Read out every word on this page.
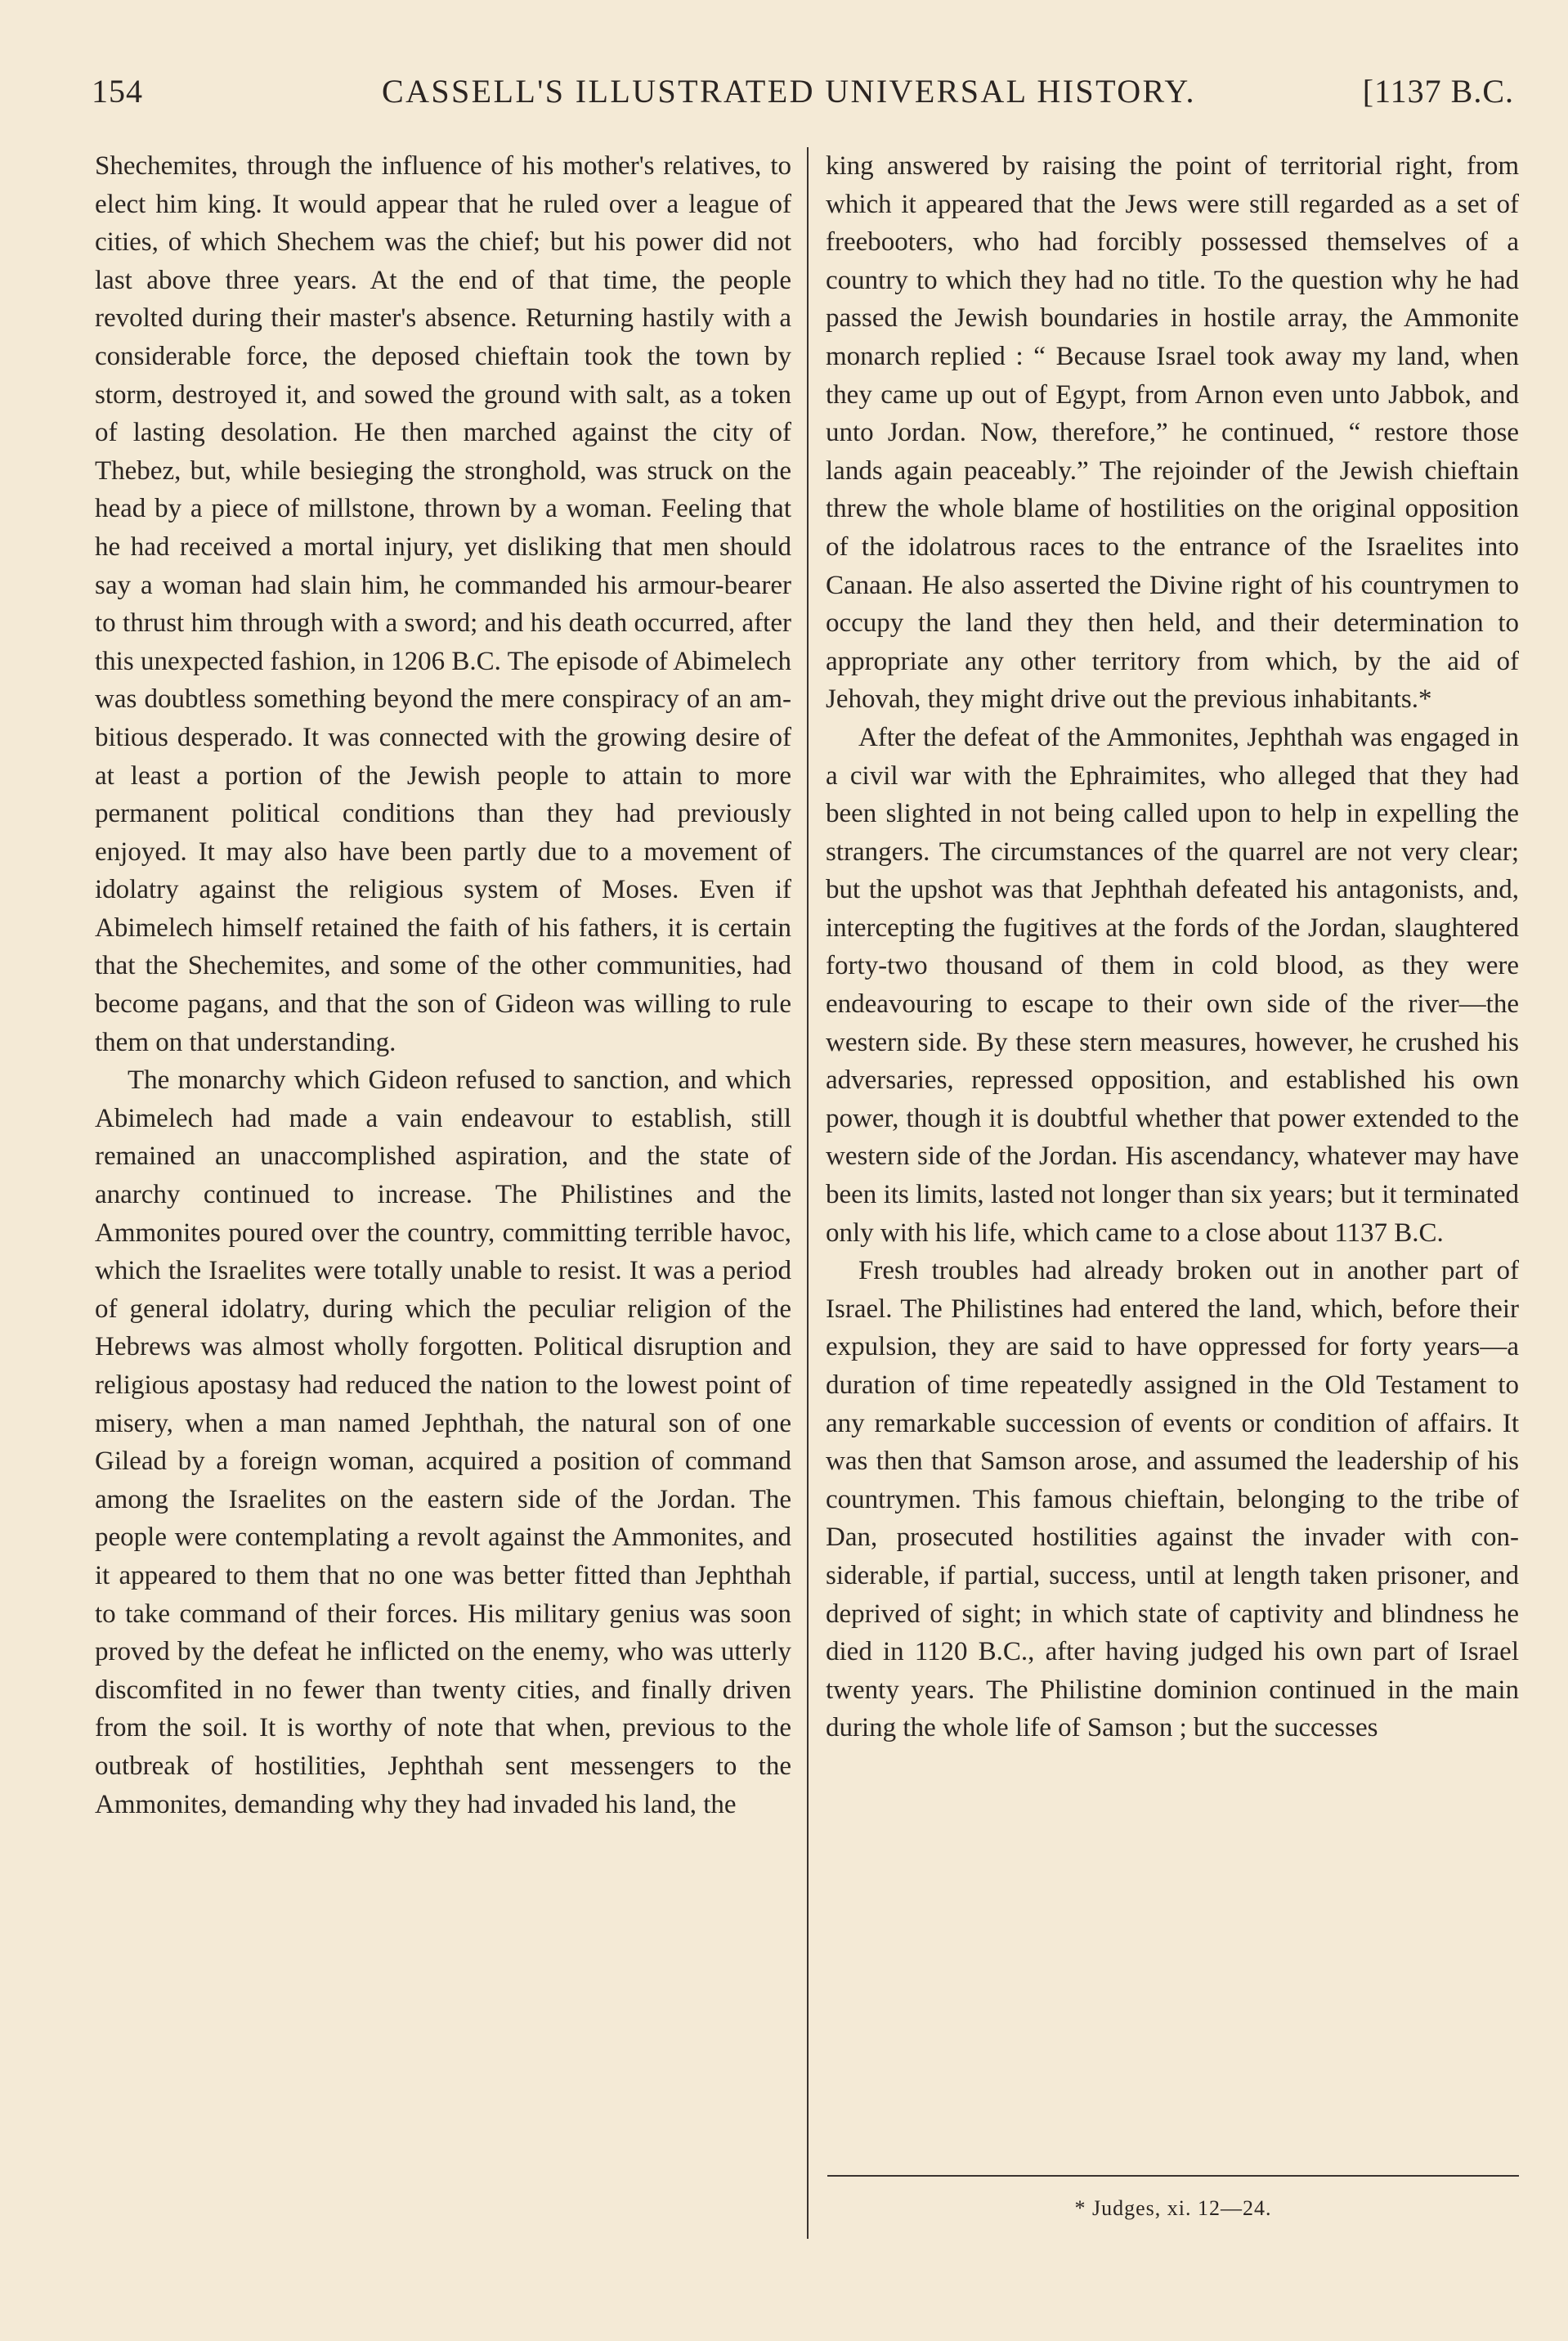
154	CASSELL'S ILLUSTRATED UNIVERSAL HISTORY.	[1137 B.C.

Shechemites, through the influence of his mother's relatives, to elect him king. It would appear that he ruled over a league of cities, of which Shechem was the chief; but his power did not last above three years. At the end of that time, the people revolted during their master's absence. Returning hastily with a considerable force, the deposed chieftain took the town by storm, destroyed it, and sowed the ground with salt, as a token of lasting desolation. He then marched against the city of Thebez, but, while besieging the stronghold, was struck on the head by a piece of millstone, thrown by a woman. Feeling that he had received a mortal injury, yet disliking that men should say a woman had slain him, he commanded his armour-bearer to thrust him through with a sword; and his death occurred, after this unexpected fashion, in 1206 B.C. The episode of Abimelech was doubtless something beyond the mere conspiracy of an ambitious desperado. It was connected with the growing desire of at least a portion of the Jewish people to attain to more permanent political conditions than they had previously enjoyed. It may also have been partly due to a movement of idolatry against the religious system of Moses. Even if Abimelech himself retained the faith of his fathers, it is certain that the Shechemites, and some of the other communities, had become pagans, and that the son of Gideon was willing to rule them on that understanding.

The monarchy which Gideon refused to sanction, and which Abimelech had made a vain endeavour to establish, still remained an unaccomplished aspiration, and the state of anarchy continued to increase. The Philistines and the Ammonites poured over the country, committing terrible havoc, which the Israelites were totally unable to resist. It was a period of general idolatry, during which the peculiar religion of the Hebrews was almost wholly forgotten. Political disruption and religious apostasy had reduced the nation to the lowest point of misery, when a man named Jephthah, the natural son of one Gilead by a foreign woman, acquired a position of command among the Israelites on the eastern side of the Jordan. The people were contemplating a revolt against the Ammonites, and it appeared to them that no one was better fitted than Jephthah to take command of their forces. His military genius was soon proved by the defeat he inflicted on the enemy, who was utterly discomfited in no fewer than twenty cities, and finally driven from the soil. It is worthy of note that when, previous to the outbreak of hostilities, Jephthah sent messengers to the Ammonites, demanding why they had invaded his land, the

king answered by raising the point of territorial right, from which it appeared that the Jews were still regarded as a set of freebooters, who had forcibly possessed themselves of a country to which they had no title. To the question why he had passed the Jewish boundaries in hostile array, the Ammonite monarch replied : “ Because Israel took away my land, when they came up out of Egypt, from Arnon even unto Jabbok, and unto Jordan. Now, therefore,” he continued, “ restore those lands again peaceably.” The rejoinder of the Jewish chieftain threw the whole blame of hostilities on the original opposition of the idolatrous races to the entrance of the Israelites into Canaan. He also asserted the Divine right of his countrymen to occupy the land they then held, and their determination to appropriate any other territory from which, by the aid of Jehovah, they might drive out the previous inhabitants.*

After the defeat of the Ammonites, Jephthah was engaged in a civil war with the Ephraimites, who alleged that they had been slighted in not being called upon to help in expelling the strangers. The circumstances of the quarrel are not very clear; but the upshot was that Jephthah defeated his antagonists, and, intercepting the fugitives at the fords of the Jordan, slaughtered forty-two thousand of them in cold blood, as they were endeavouring to escape to their own side of the river—the western side. By these stern measures, however, he crushed his adversaries, repressed opposition, and established his own power, though it is doubtful whether that power extended to the western side of the Jordan. His ascendancy, whatever may have been its limits, lasted not longer than six years; but it terminated only with his life, which came to a close about 1137 B.C.

Fresh troubles had already broken out in another part of Israel. The Philistines had entered the land, which, before their expulsion, they are said to have oppressed for forty years—a duration of time repeatedly assigned in the Old Testament to any remarkable succession of events or condition of affairs. It was then that Samson arose, and assumed the leadership of his countrymen. This famous chieftain, belonging to the tribe of Dan, prosecuted hostilities against the invader with considerable, if partial, success, until at length taken prisoner, and deprived of sight; in which state of captivity and blindness he died in 1120 B.C., after having judged his own part of Israel twenty years. The Philistine dominion continued in the main during the whole life of Samson ; but the successes

* Judges, xi. 12—24.
